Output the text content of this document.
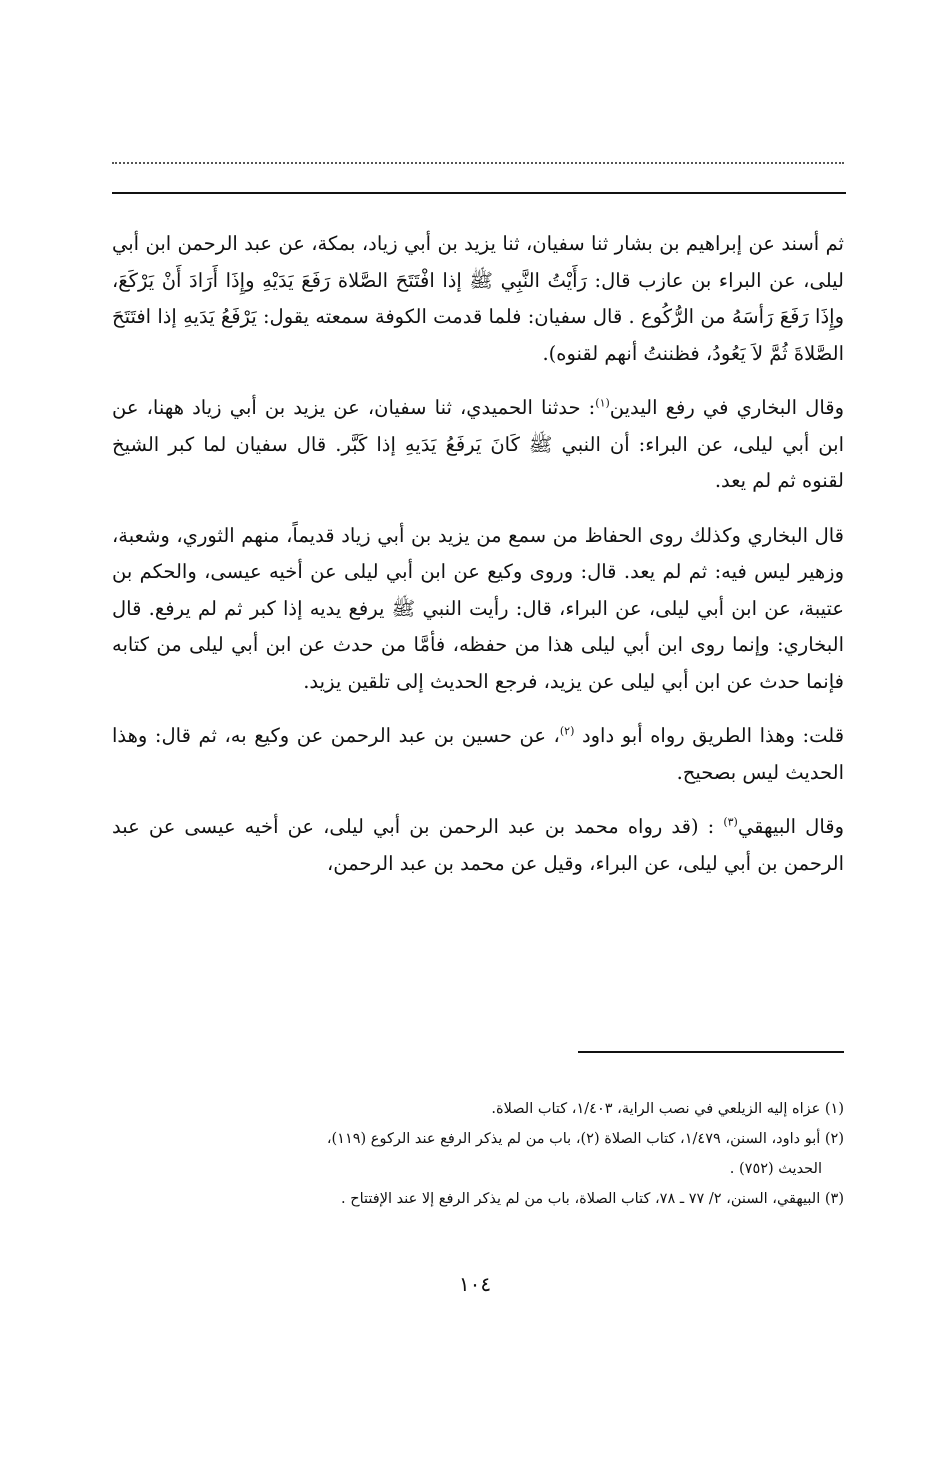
ثم أسند عن إبراهيم بن بشار ثنا سفيان، ثنا يزيد بن أبي زياد، بمكة، عن عبد الرحمن ابن أبي ليلى، عن البراء بن عازب قال: رَأَيْتُ النَّبِي ﷺ إذا افْتَتَحَ الصَّلاة رَفَعَ يَدَيْهِ وإِذَا أَرَادَ أَنْ يَرْكَعَ، وإِذَا رَفَعَ رَأسَهُ من الرُّكُوع . قال سفيان: فلما قدمت الكوفة سمعته يقول: يَرْفَعُ يَدَيهِ إذا افتَتَحَ الصَّلاةَ ثُمَّ لاَ يَعُودُ، فظننتُ أنهم لقنوه).

وقال البخاري في رفع اليدين$^{(١)}$: حدثنا الحميدي، ثنا سفيان، عن يزيد بن أبي زياد ههنا، عن ابن أبي ليلى، عن البراء: أن النبي ﷺ كَانَ يَرفَعُ يَدَيهِ إذا كَبَّر. قال سفيان لما كبر الشيخ لقنوه ثم لم يعد.

قال البخاري وكذلك روى الحفاظ من سمع من يزيد بن أبي زياد قديماً، منهم الثوري، وشعبة، وزهير ليس فيه: ثم لم يعد. قال: وروى وكيع عن ابن أبي ليلى عن أخيه عيسى، والحكم بن عتيبة، عن ابن أبي ليلى، عن البراء، قال: رأيت النبي ﷺ يرفع يديه إذا كبر ثم لم يرفع. قال البخاري: وإنما روى ابن أبي ليلى هذا من حفظه، فأمَّا من حدث عن ابن أبي ليلى من كتابه فإنما حدث عن ابن أبي ليلى عن يزيد، فرجع الحديث إلى تلقين يزيد.

قلت: وهذا الطريق رواه أبو داود $^{(٢)}$، عن حسين بن عبد الرحمن عن وكيع به، ثم قال: وهذا الحديث ليس بصحيح.

وقال البيهقي$^{(٣)}$ : (قد رواه محمد بن عبد الرحمن بن أبي ليلى، عن أخيه عيسى عن عبد الرحمن بن أبي ليلى، عن البراء، وقيل عن محمد بن عبد الرحمن،

(١) عزاه إليه الزيلعي في نصب الراية، ١/٤٠٣، كتاب الصلاة.
(٢) أبو داود، السنن، ١/٤٧٩، كتاب الصلاة (٢)، باب من لم يذكر الرفع عند الركوع (١١٩)،
الحديث (٧٥٢) .
(٣) البيهقي، السنن، ٢/ ٧٧ ـ ٧٨، كتاب الصلاة، باب من لم يذكر الرفع إلا عند الإفتتاح .
١٠٤
